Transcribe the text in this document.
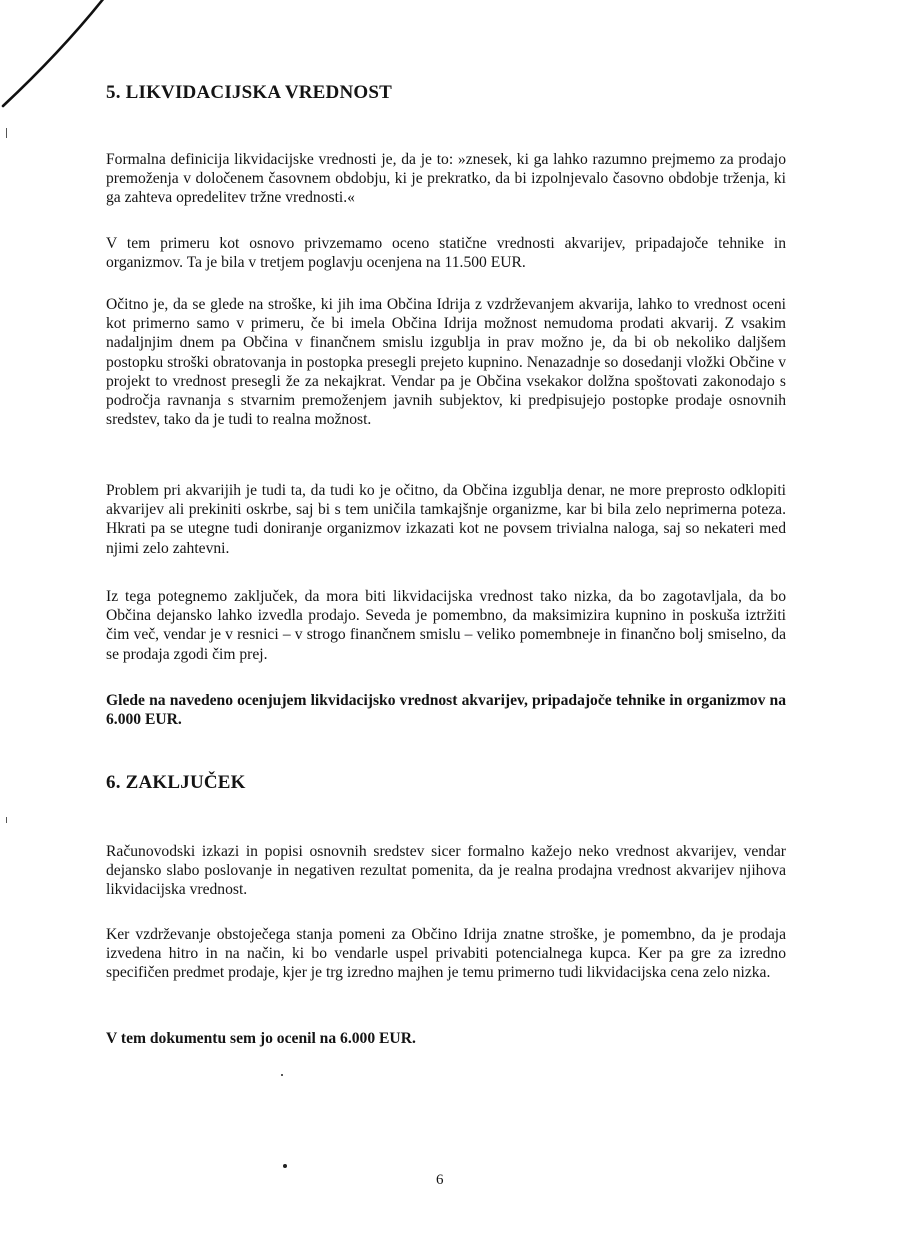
5. LIKVIDACIJSKA VREDNOST

Formalna definicija likvidacijske vrednosti je, da je to: »znesek, ki ga lahko razumno prejmemo za prodajo premoženja v določenem časovnem obdobju, ki je prekratko, da bi izpolnjevalo časovno obdobje trženja, ki ga zahteva opredelitev tržne vrednosti.«

V tem primeru kot osnovo privzemamo oceno statične vrednosti akvarijev, pripadajoče tehnike in organizmov. Ta je bila v tretjem poglavju ocenjena na 11.500 EUR.

Očitno je, da se glede na stroške, ki jih ima Občina Idrija z vzdrževanjem akvarija, lahko to vrednost oceni kot primerno samo v primeru, če bi imela Občina Idrija možnost nemudoma prodati akvarij. Z vsakim nadaljnjim dnem pa Občina v finančnem smislu izgublja in prav možno je, da bi ob nekoliko daljšem postopku stroški obratovanja in postopka presegli prejeto kupnino. Nenazadnje so dosedanji vložki Občine v projekt to vrednost presegli že za nekajkrat. Vendar pa je Občina vsekakor dolžna spoštovati zakonodajo s področja ravnanja s stvarnim premoženjem javnih subjektov, ki predpisujejo postopke prodaje osnovnih sredstev, tako da je tudi to realna možnost.

Problem pri akvarijih je tudi ta, da tudi ko je očitno, da Občina izgublja denar, ne more preprosto odklopiti akvarijev ali prekiniti oskrbe, saj bi s tem uničila tamkajšnje organizme, kar bi bila zelo neprimerna poteza. Hkrati pa se utegne tudi doniranje organizmov izkazati kot ne povsem trivialna naloga, saj so nekateri med njimi zelo zahtevni.

Iz tega potegnemo zaključek, da mora biti likvidacijska vrednost tako nizka, da bo zagotavljala, da bo Občina dejansko lahko izvedla prodajo. Seveda je pomembno, da maksimizira kupnino in poskuša iztržiti čim več, vendar je v resnici – v strogo finančnem smislu – veliko pomembneje in finančno bolj smiselno, da se prodaja zgodi čim prej.

Glede na navedeno ocenjujem likvidacijsko vrednost akvarijev, pripadajoče tehnike in organizmov na 6.000 EUR.

6. ZAKLJUČEK

Računovodski izkazi in popisi osnovnih sredstev sicer formalno kažejo neko vrednost akvarijev, vendar dejansko slabo poslovanje in negativen rezultat pomenita, da je realna prodajna vrednost akvarijev njihova likvidacijska vrednost.

Ker vzdrževanje obstoječega stanja pomeni za Občino Idrija znatne stroške, je pomembno, da je prodaja izvedena hitro in na način, ki bo vendarle uspel privabiti potencialnega kupca. Ker pa gre za izredno specifičen predmet prodaje, kjer je trg izredno majhen je temu primerno tudi likvidacijska cena zelo nizka.

V tem dokumentu sem jo ocenil na 6.000 EUR.

6
